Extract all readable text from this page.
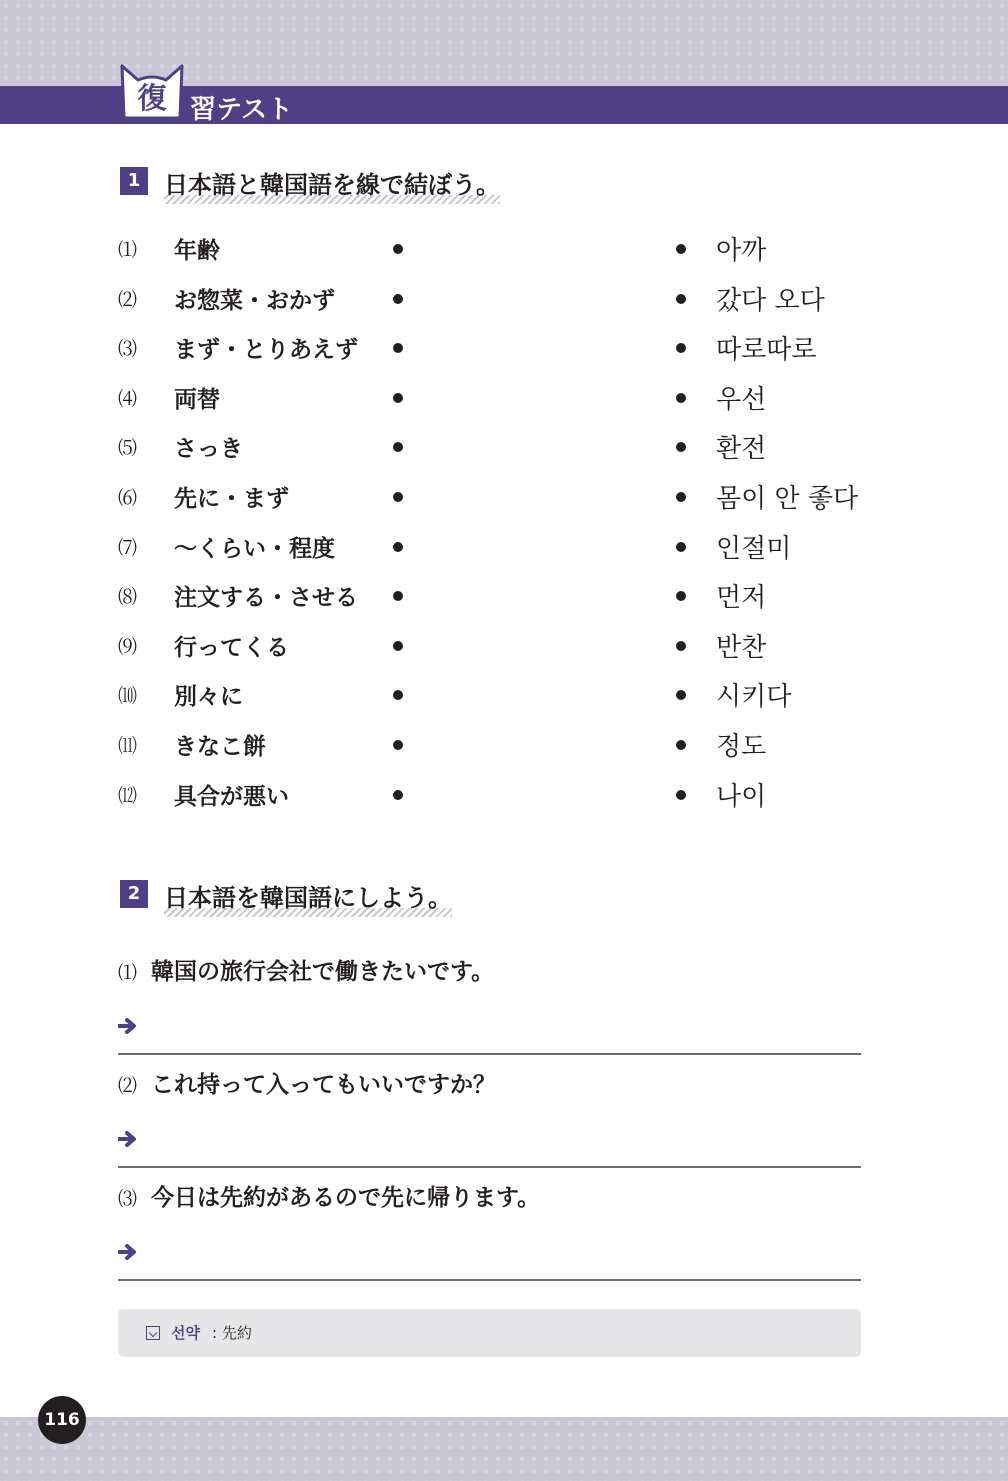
復 習テスト
1 日本語と韓国語を線で結ぼう。
⑴ 年齢	아까
⑵ お惣菜・おかず	갔다 오다
⑶ まず・とりあえず	따로따로
⑷ 両替	우선
⑸ さっき	환전
⑹ 先に・まず	몸이 안 좋다
⑺ 〜くらい・程度	인절미
⑻ 注文する・させる	먼저
⑼ 行ってくる	반찬
⑽ 別々に	시키다
⑾ きなこ餅	정도
⑿ 具合が悪い	나이
2 日本語を韓国語にしよう。
⑴ 韓国の旅行会社で働きたいです。
⑵ これ持って入ってもいいですか？
⑶ 今日は先約があるので先に帰ります。
선약 : 先約
116
